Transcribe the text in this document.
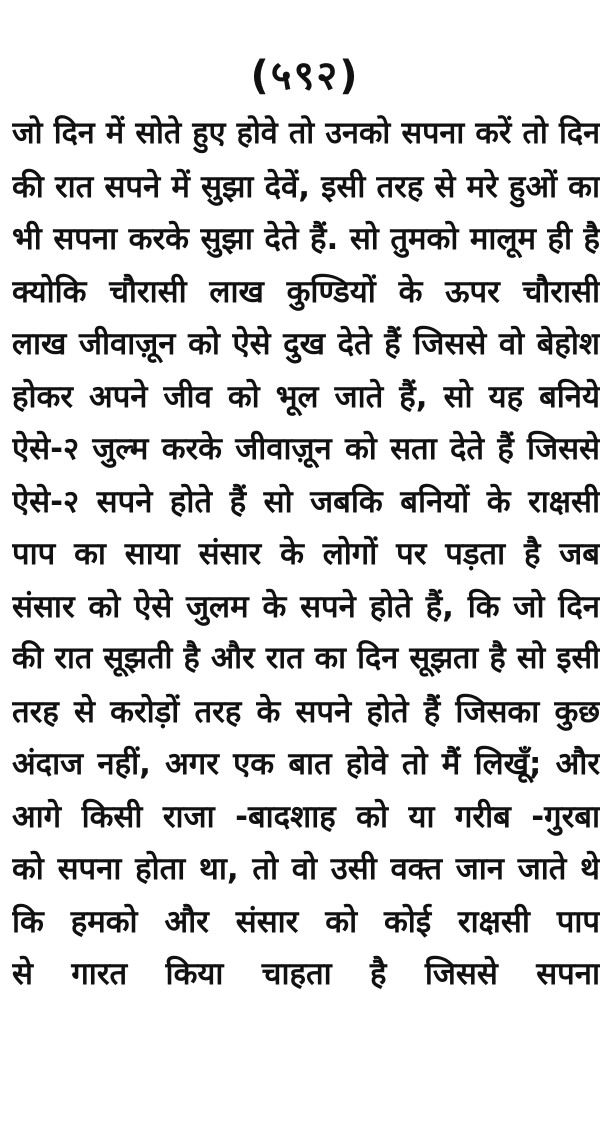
(५९२)
जो दिन में सोते हुए होवे तो उनको सपना करें तो दिन
की रात सपने में सुझा देवें, इसी तरह से मरे हुओं का
भी सपना करके सुझा देते हैं. सो तुमको मालूम ही है
क्योकि चौरासी लाख कुण्डियों के ऊपर चौरासी
लाख जीवाज़ून को ऐसे दुख देते हैं जिससे वो बेहोश
होकर अपने जीव को भूल जाते हैं, सो यह बनिये
ऐसे-२ जुल्म करके जीवाज़ून को सता देते हैं जिससे
ऐसे-२ सपने होते हैं सो जबकि बनियों के राक्षसी
पाप का साया संसार के लोगों पर पड़ता है जब
संसार को ऐसे जुलम के सपने होते हैं, कि जो दिन
की रात सूझती है और रात का दिन सूझता है सो इसी
तरह से करोड़ों तरह के सपने होते हैं जिसका कुछ
अंदाज नहीं, अगर एक बात होवे तो मैं लिखूँ; और
आगे किसी राजा -बादशाह को या गरीब -गुरबा
को सपना होता था, तो वो उसी वक्त जान जाते थे
कि हमको और संसार को कोई राक्षसी पाप
से गारत किया चाहता है जिससे सपना
